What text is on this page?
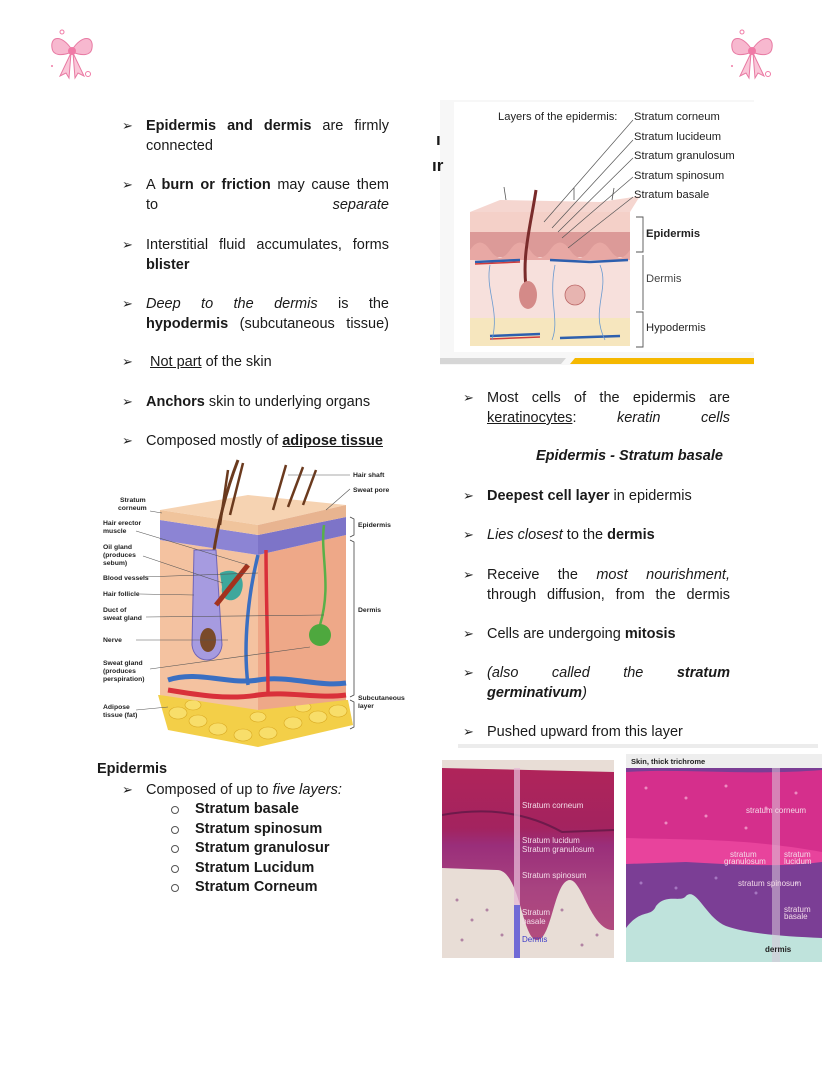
➢ Epidermis and dermis are firmly connected
➢ A burn or friction may cause them to separate
➢ Interstitial fluid accumulates, forms blister
➢ Deep to the dermis is the hypodermis (subcutaneous tissue)
➢ Not part of the skin
➢ Anchors skin to underlying organs
➢ Composed mostly of adipose tissue
Stratum
corneum
Hair erector
muscle
Oil gland
(produces
sebum)
Blood vessels
Hair follicle
Duct of
sweat gland
Nerve
Sweat gland
(produces
perspiration)
Adipose
tissue (fat)
Hair shaft
Sweat pore
Epidermis
Dermis
Subcutaneous
layer
Epidermis
➢ Composed of up to five layers:
Stratum basale
Stratum spinosum
Stratum granulosur
Stratum Lucidum
Stratum Corneum
ı
ır
Layers of the epidermis: Stratum corneum
Stratum lucideum
Stratum granulosum
Stratum spinosum
Stratum basale
Epidermis
Dermis
Hypodermis
➢ Most cells of the epidermis are keratinocytes: keratin cells
Epidermis - Stratum basale
➢ Deepest cell layer in epidermis
➢ Lies closest to the dermis
➢ Receive the most nourishment, through diffusion, from the dermis
➢ Cells are undergoing mitosis
➢ (also called the stratum germinativum)
➢ Pushed upward from this layer
Stratum corneum
Stratum lucidum
Stratum granulosum
Stratum spinosum
Stratum
basale
Dermis
Skin, thick trichrome
stratum corneum
stratum
granulosum
stratum
lucidum
stratum spinosum
stratum
basale
dermis
